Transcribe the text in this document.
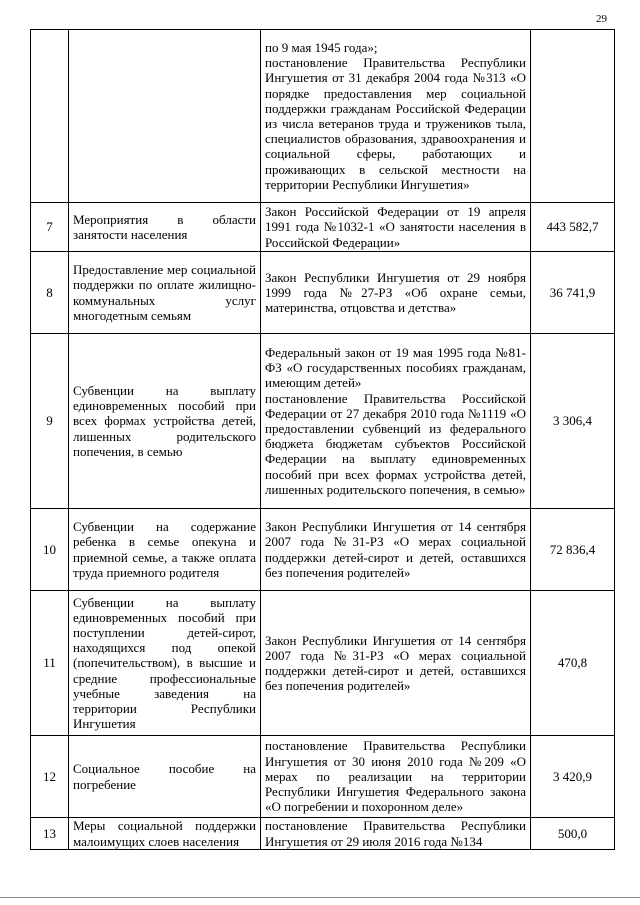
29
		по 9 мая 1945 года»;
постановление Правительства Республики Ингушетия от 31 декабря 2004 года №313 «О порядке предоставления мер социальной поддержки гражданам Российской Федерации из числа ветеранов труда и тружеников тыла, специалистов образования, здравоохранения и социальной сферы, работающих и проживающих в сельской местности на территории Республики Ингушетия»	
7	Мероприятия в области занятости населения	Закон Российской Федерации от 19 апреля 1991 года №1032-1 «О занятости населения в Российской Федерации»	443 582,7
8	Предоставление мер социальной поддержки по оплате жилищно-коммунальных услуг многодетным семьям	Закон Республики Ингушетия от 29 ноября 1999 года №27-РЗ «Об охране семьи, материнства, отцовства и детства»	36 741,9
9	Субвенции на выплату единовременных пособий при всех формах устройства детей, лишенных родительского попечения, в семью	Федеральный закон от 19 мая 1995 года №81-ФЗ «О государственных пособиях гражданам, имеющим детей»
постановление Правительства Российской Федерации от 27 декабря 2010 года №1119 «О предоставлении субвенций из федерального бюджета бюджетам субъектов Российской Федерации на выплату единовременных пособий при всех формах устройства детей, лишенных родительского попечения, в семью»	3 306,4
10	Субвенции на содержание ребенка в семье опекуна и приемной семье, а также оплата труда приемного родителя	Закон Республики Ингушетия от 14 сентября 2007 года №31-РЗ «О мерах социальной поддержки детей-сирот и детей, оставшихся без попечения родителей»	72 836,4
11	Субвенции на выплату единовременных пособий при поступлении детей-сирот, находящихся под опекой (попечительством), в высшие и средние профессиональные учебные заведения на территории Республики Ингушетия	Закон Республики Ингушетия от 14 сентября 2007 года №31-РЗ «О мерах социальной поддержки детей-сирот и детей, оставшихся без попечения родителей»	470,8
12	Социальное пособие на погребение	постановление Правительства Республики Ингушетия от 30 июня 2010 года №209 «О мерах по реализации на территории Республики Ингушетия Федерального закона «О погребении и похоронном деле»	3 420,9
13	Меры социальной поддержки малоимущих слоев населения	постановление Правительства Республики Ингушетия от 29 июля 2016 года №134	500,0
